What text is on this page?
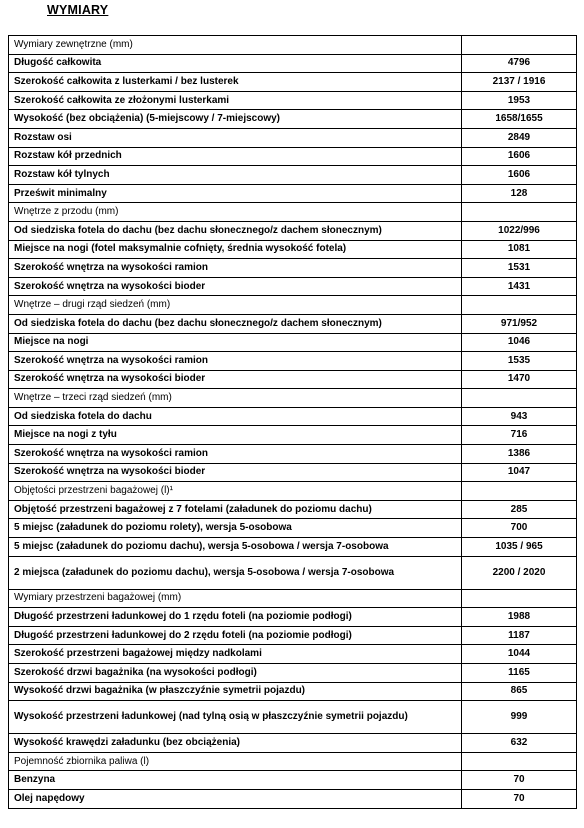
WYMIARY
Wymiary zewnętrzne (mm)	
Długość całkowita	4796
Szerokość całkowita z lusterkami / bez lusterek	2137 / 1916
Szerokość całkowita ze złożonymi lusterkami	1953
Wysokość (bez obciążenia) (5-miejscowy / 7-miejscowy)	1658/1655
Rozstaw osi	2849
Rozstaw kół przednich	1606
Rozstaw kół tylnych	1606
Prześwit minimalny	128
Wnętrze z przodu (mm)	
Od siedziska fotela do dachu (bez dachu słonecznego/z dachem słonecznym)	1022/996
Miejsce na nogi (fotel maksymalnie cofnięty, średnia wysokość fotela)	1081
Szerokość wnętrza na wysokości ramion	1531
Szerokość wnętrza na wysokości bioder	1431
Wnętrze – drugi rząd siedzeń (mm)	
Od siedziska fotela do dachu (bez dachu słonecznego/z dachem słonecznym)	971/952
Miejsce na nogi	1046
Szerokość wnętrza na wysokości ramion	1535
Szerokość wnętrza na wysokości bioder	1470
Wnętrze – trzeci rząd siedzeń (mm)	
Od siedziska fotela do dachu	943
Miejsce na nogi z tyłu	716
Szerokość wnętrza na wysokości ramion	1386
Szerokość wnętrza na wysokości bioder	1047
Objętości przestrzeni bagażowej (l)¹	
Objętość przestrzeni bagażowej z 7 fotelami (załadunek do poziomu dachu)	285
5 miejsc (załadunek do poziomu rolety), wersja 5-osobowa	700
5 miejsc (załadunek do poziomu dachu), wersja 5-osobowa / wersja 7-osobowa	1035 / 965
2 miejsca (załadunek do poziomu dachu), wersja 5-osobowa / wersja 7-osobowa	2200 / 2020
Wymiary przestrzeni bagażowej (mm)	
Długość przestrzeni ładunkowej do 1 rzędu foteli (na poziomie podłogi)	1988
Długość przestrzeni ładunkowej do 2 rzędu foteli (na poziomie podłogi)	1187
Szerokość przestrzeni bagażowej między nadkolami	1044
Szerokość drzwi bagażnika (na wysokości podłogi)	1165
Wysokość drzwi bagażnika (w płaszczyźnie symetrii pojazdu)	865
Wysokość przestrzeni ładunkowej (nad tylną osią w płaszczyźnie symetrii pojazdu)	999
Wysokość krawędzi załadunku (bez obciążenia)	632
Pojemność zbiornika paliwa (l)	
Benzyna	70
Olej napędowy	70
